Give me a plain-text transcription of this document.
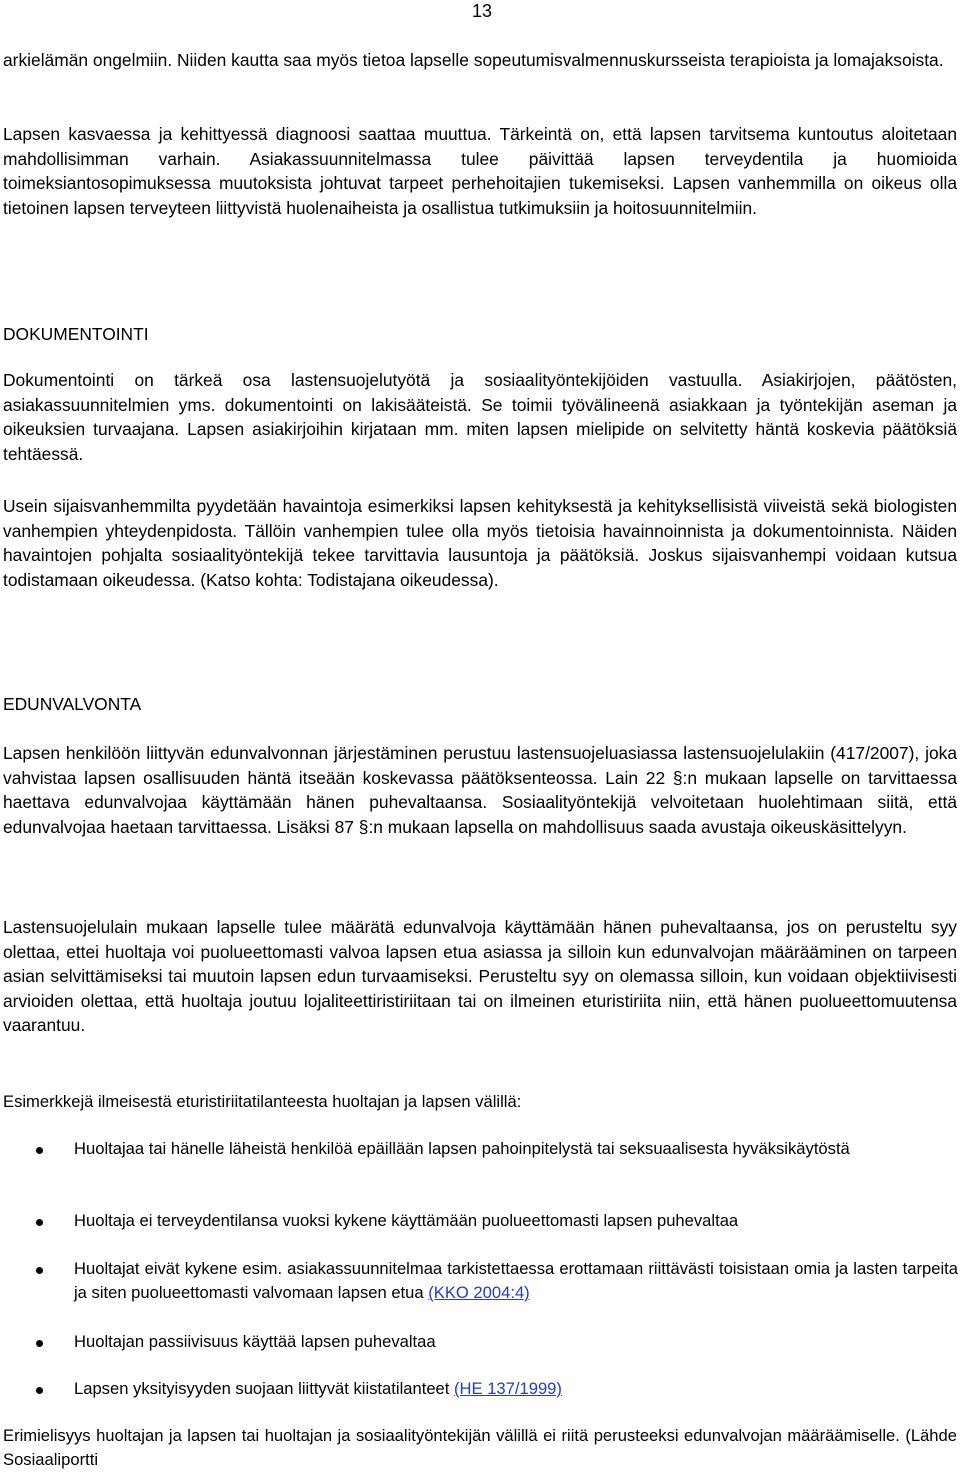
13

arkielämän ongelmiin. Niiden kautta saa myös tietoa lapselle sopeutumisvalmennuskursseista terapioista ja lomajaksoista.

Lapsen kasvaessa ja kehittyessä diagnoosi saattaa muuttua. Tärkeintä on, että lapsen tarvitsema kuntoutus aloitetaan mahdollisimman varhain. Asiakassuunnitelmassa tulee päivittää lapsen terveydentila ja huomioida toimeksiantosopimuksessa muutoksista johtuvat tarpeet perhehoitajien tukemiseksi. Lapsen vanhemmilla on oikeus olla tietoinen lapsen terveyteen liittyvistä huolenaiheista ja osallistua tutkimuksiin ja hoitosuunnitelmiin.

DOKUMENTOINTI

Dokumentointi on tärkeä osa lastensuojelutyötä ja sosiaalityöntekijöiden vastuulla. Asiakirjojen, päätösten, asiakassuunnitelmien yms. dokumentointi on lakisääteistä. Se toimii työvälineenä asiakkaan ja työntekijän aseman ja oikeuksien turvaajana. Lapsen asiakirjoihin kirjataan mm. miten lapsen mielipide on selvitetty häntä koskevia päätöksiä tehtäessä.

Usein sijaisvanhemmilta pyydetään havaintoja esimerkiksi lapsen kehityksestä ja kehityksellisistä viiveistä sekä biologisten vanhempien yhteydenpidosta. Tällöin vanhempien tulee olla myös tietoisia havainnoinnista ja dokumentoinnista. Näiden havaintojen pohjalta sosiaalityöntekijä tekee tarvittavia lausuntoja ja päätöksiä. Joskus sijaisvanhempi voidaan kutsua todistamaan oikeudessa. (Katso kohta: Todistajana oikeudessa).

EDUNVALVONTA

Lapsen henkilöön liittyvän edunvalvonnan järjestäminen perustuu lastensuojeluasiassa lastensuojelulakiin (417/2007), joka vahvistaa lapsen osallisuuden häntä itseään koskevassa päätöksenteossa. Lain 22 §:n mukaan lapselle on tarvittaessa haettava edunvalvojaa käyttämään hänen puhevaltaansa. Sosiaalityöntekijä velvoitetaan huolehtimaan siitä, että edunvalvojaa haetaan tarvittaessa. Lisäksi 87 §:n mukaan lapsella on mahdollisuus saada avustaja oikeuskäsittelyyn.

Lastensuojelulain mukaan lapselle tulee määrätä edunvalvoja käyttämään hänen puhevaltaansa, jos on perusteltu syy olettaa, ettei huoltaja voi puolueettomasti valvoa lapsen etua asiassa ja silloin kun edunvalvojan määrääminen on tarpeen asian selvittämiseksi tai muutoin lapsen edun turvaamiseksi. Perusteltu syy on olemassa silloin, kun voidaan objektiivisesti arvioiden olettaa, että huoltaja joutuu lojaliteettiristiriitaan tai on ilmeinen eturistiriita niin, että hänen puolueettomuutensa vaarantuu.

Esimerkkejä ilmeisestä eturistiriitatilanteesta huoltajan ja lapsen välillä:
Huoltajaa tai hänelle läheistä henkilöä epäillään lapsen pahoinpitelystä tai seksuaalisesta hyväksikäytöstä
Huoltaja ei terveydentilansa vuoksi kykene käyttämään puolueettomasti lapsen puhevaltaa
Huoltajat eivät kykene esim. asiakassuunnitelmaa tarkistettaessa erottamaan riittävästi toisistaan omia ja lasten tarpeita ja siten puolueettomasti valvomaan lapsen etua (KKO 2004:4)
Huoltajan passiivisuus käyttää lapsen puhevaltaa
Lapsen yksityisyyden suojaan liittyvät kiistatilanteet (HE 137/1999)
Erimielisyys huoltajan ja lapsen tai huoltajan ja sosiaalityöntekijän välillä ei riitä perusteeksi edunvalvojan määräämiselle. (Lähde Sosiaaliportti
